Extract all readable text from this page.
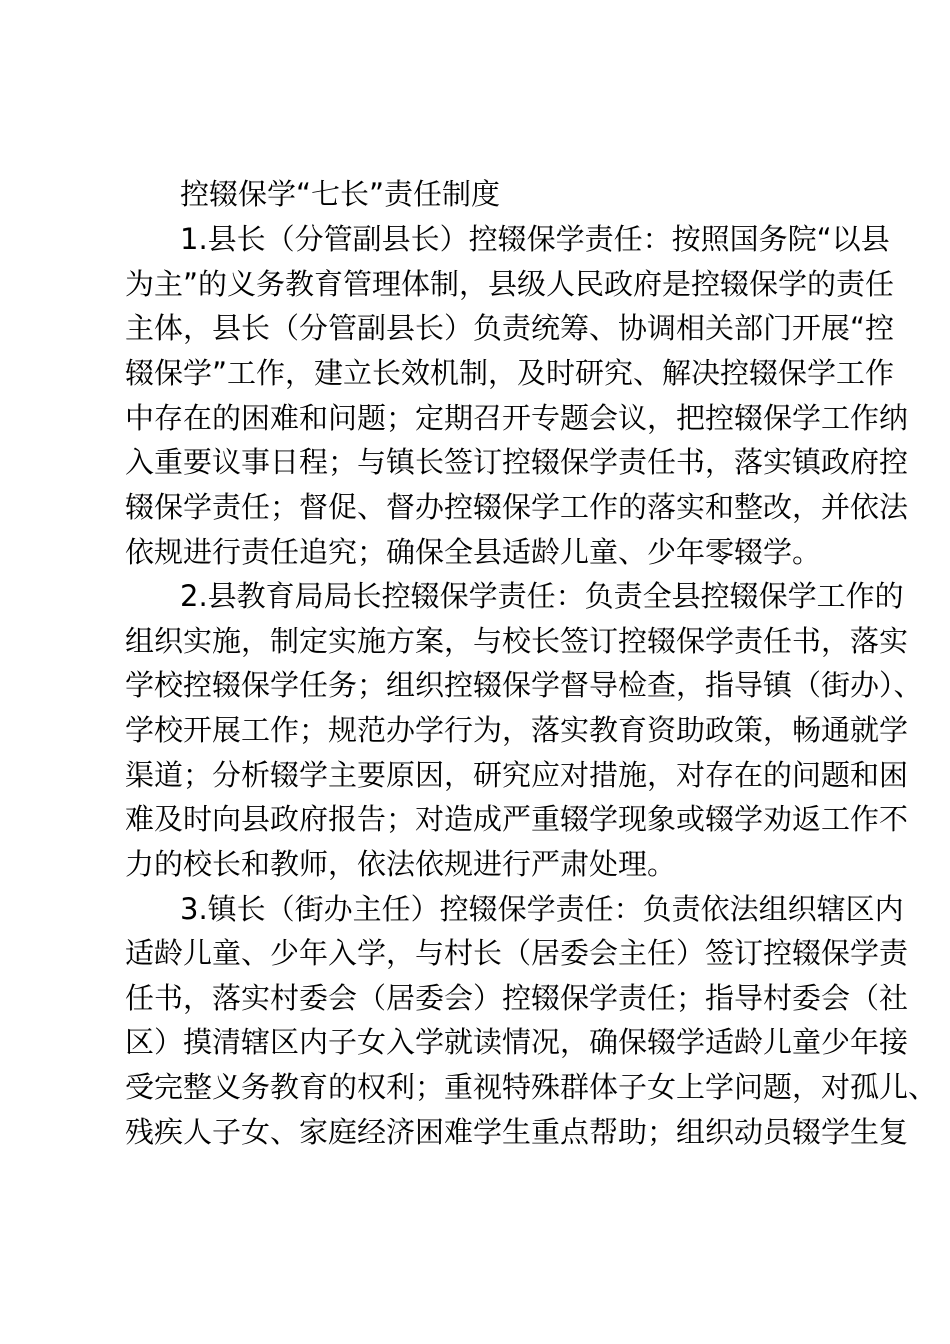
控辍保学“七长”责任制度
1.县长（分管副县长）控辍保学责任：按照国务院“以县
为主”的义务教育管理体制，县级人民政府是控辍保学的责任
主体，县长（分管副县长）负责统筹、协调相关部门开展“控
辍保学”工作，建立长效机制，及时研究、解决控辍保学工作
中存在的困难和问题；定期召开专题会议，把控辍保学工作纳
入重要议事日程；与镇长签订控辍保学责任书，落实镇政府控
辍保学责任；督促、督办控辍保学工作的落实和整改，并依法
依规进行责任追究；确保全县适龄儿童、少年零辍学。
2.县教育局局长控辍保学责任：负责全县控辍保学工作的
组织实施，制定实施方案，与校长签订控辍保学责任书，落实
学校控辍保学任务；组织控辍保学督导检查，指导镇（街办）、
学校开展工作；规范办学行为，落实教育资助政策，畅通就学
渠道；分析辍学主要原因，研究应对措施，对存在的问题和困
难及时向县政府报告；对造成严重辍学现象或辍学劝返工作不
力的校长和教师，依法依规进行严肃处理。
3.镇长（街办主任）控辍保学责任：负责依法组织辖区内
适龄儿童、少年入学，与村长（居委会主任）签订控辍保学责
任书，落实村委会（居委会）控辍保学责任；指导村委会（社
区）摸清辖区内子女入学就读情况，确保辍学适龄儿童少年接
受完整义务教育的权利；重视特殊群体子女上学问题，对孤儿、
残疾人子女、家庭经济困难学生重点帮助；组织动员辍学生复
